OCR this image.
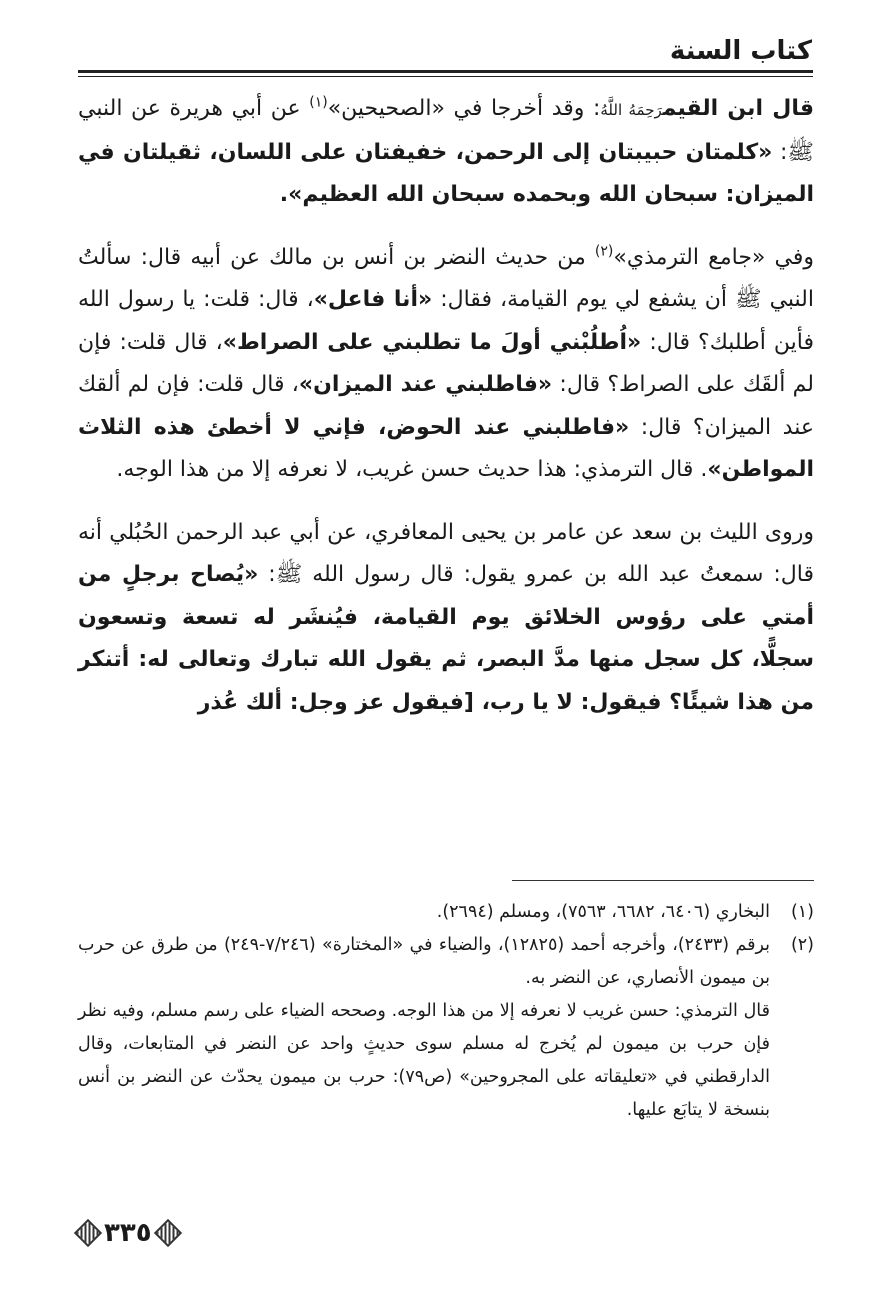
كتاب السنة

قال ابن القيمرَحِمَهُ اللَّهُ: وقد أخرجا في «الصحيحين»$^{(١)}$ عن أبي هريرة عن النبي ﷺ: «كلمتان حبيبتان إلى الرحمن، خفيفتان على اللسان، ثقيلتان في الميزان: سبحان الله وبحمده سبحان الله العظيم».

وفي «جامع الترمذي»$^{(٢)}$ من حديث النضر بن أنس بن مالك عن أبيه قال: سألتُ النبي ﷺ أن يشفع لي يوم القيامة، فقال: «أنا فاعل»، قال: قلت: يا رسول الله فأين أطلبك؟ قال: «اُطلُبْني أولَ ما تطلبني على الصراط»، قال قلت: فإن لم ألقَك على الصراط؟ قال: «فاطلبني عند الميزان»، قال قلت: فإن لم ألقك عند الميزان؟ قال: «فاطلبني عند الحوض، فإني لا أخطئ هذه الثلاث المواطن». قال الترمذي: هذا حديث حسن غريب، لا نعرفه إلا من هذا الوجه.

وروى الليث بن سعد عن عامر بن يحيى المعافري، عن أبي عبد الرحمن الحُبُلي أنه قال: سمعتُ عبد الله بن عمرو يقول: قال رسول الله ﷺ: «يُصاح برجلٍ من أمتي على رؤوس الخلائق يوم القيامة، فيُنشَر له تسعة وتسعون سجلًّا، كل سجل منها مدَّ البصر، ثم يقول الله تبارك وتعالى له: أتنكر من هذا شيئًا؟ فيقول: لا يا رب، [فيقول عز وجل: ألك عُذر

(١)
البخاري (٦٤٠٦، ٦٦٨٢، ٧٥٦٣)، ومسلم (٢٦٩٤).
(٢)
برقم (٢٤٣٣)، وأخرجه أحمد (١٢٨٢٥)، والضياء في «المختارة» (٧/٢٤٦-٢٤٩) من طرق عن حرب بن ميمون الأنصاري، عن النضر به.
قال الترمذي: حسن غريب لا نعرفه إلا من هذا الوجه. وصححه الضياء على رسم مسلم، وفيه نظر فإن حرب بن ميمون لم يُخرج له مسلم سوى حديثٍ واحد عن النضر في المتابعات، وقال الدارقطني في «تعليقاته على المجروحين» (ص٧٩): حرب بن ميمون يحدّث عن النضر بن أنس بنسخة لا يتابَع عليها.
٣٣٥
